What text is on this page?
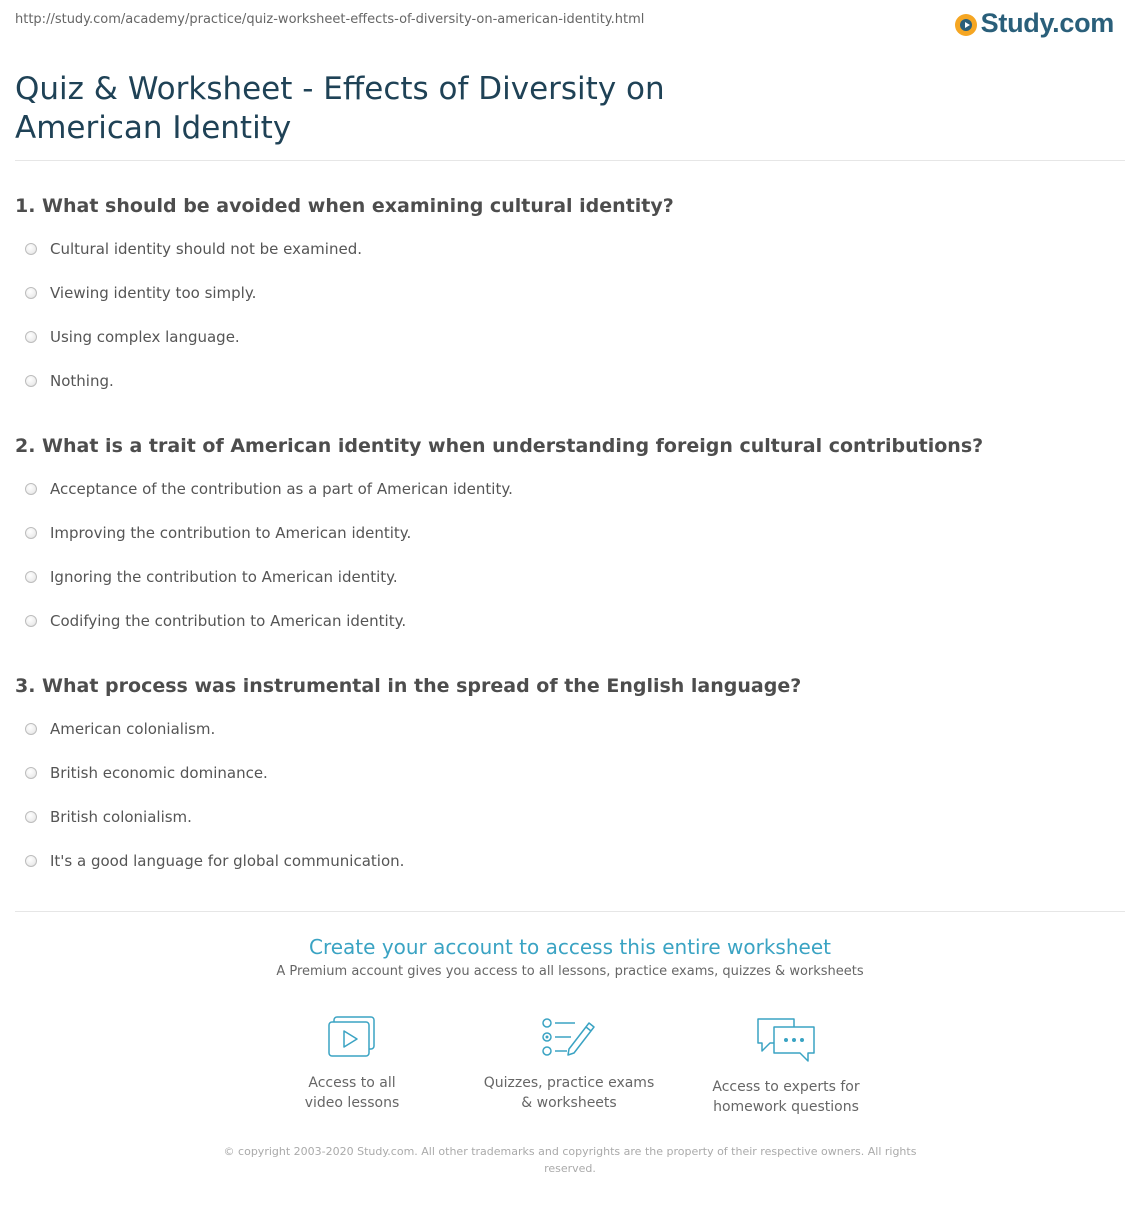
http://study.com/academy/practice/quiz-worksheet-effects-of-diversity-on-american-identity.html	Study.com
Quiz & Worksheet - Effects of Diversity on American Identity
1. What should be avoided when examining cultural identity?
Cultural identity should not be examined.
Viewing identity too simply.
Using complex language.
Nothing.
2. What is a trait of American identity when understanding foreign cultural contributions?
Acceptance of the contribution as a part of American identity.
Improving the contribution to American identity.
Ignoring the contribution to American identity.
Codifying the contribution to American identity.
3. What process was instrumental in the spread of the English language?
American colonialism.
British economic dominance.
British colonialism.
It's a good language for global communication.
Create your account to access this entire worksheet
A Premium account gives you access to all lessons, practice exams, quizzes & worksheets
Access to all
video lessons
Quizzes, practice exams
& worksheets
Access to experts for
homework questions
© copyright 2003-2020 Study.com. All other trademarks and copyrights are the property of their respective owners. All rights reserved.
